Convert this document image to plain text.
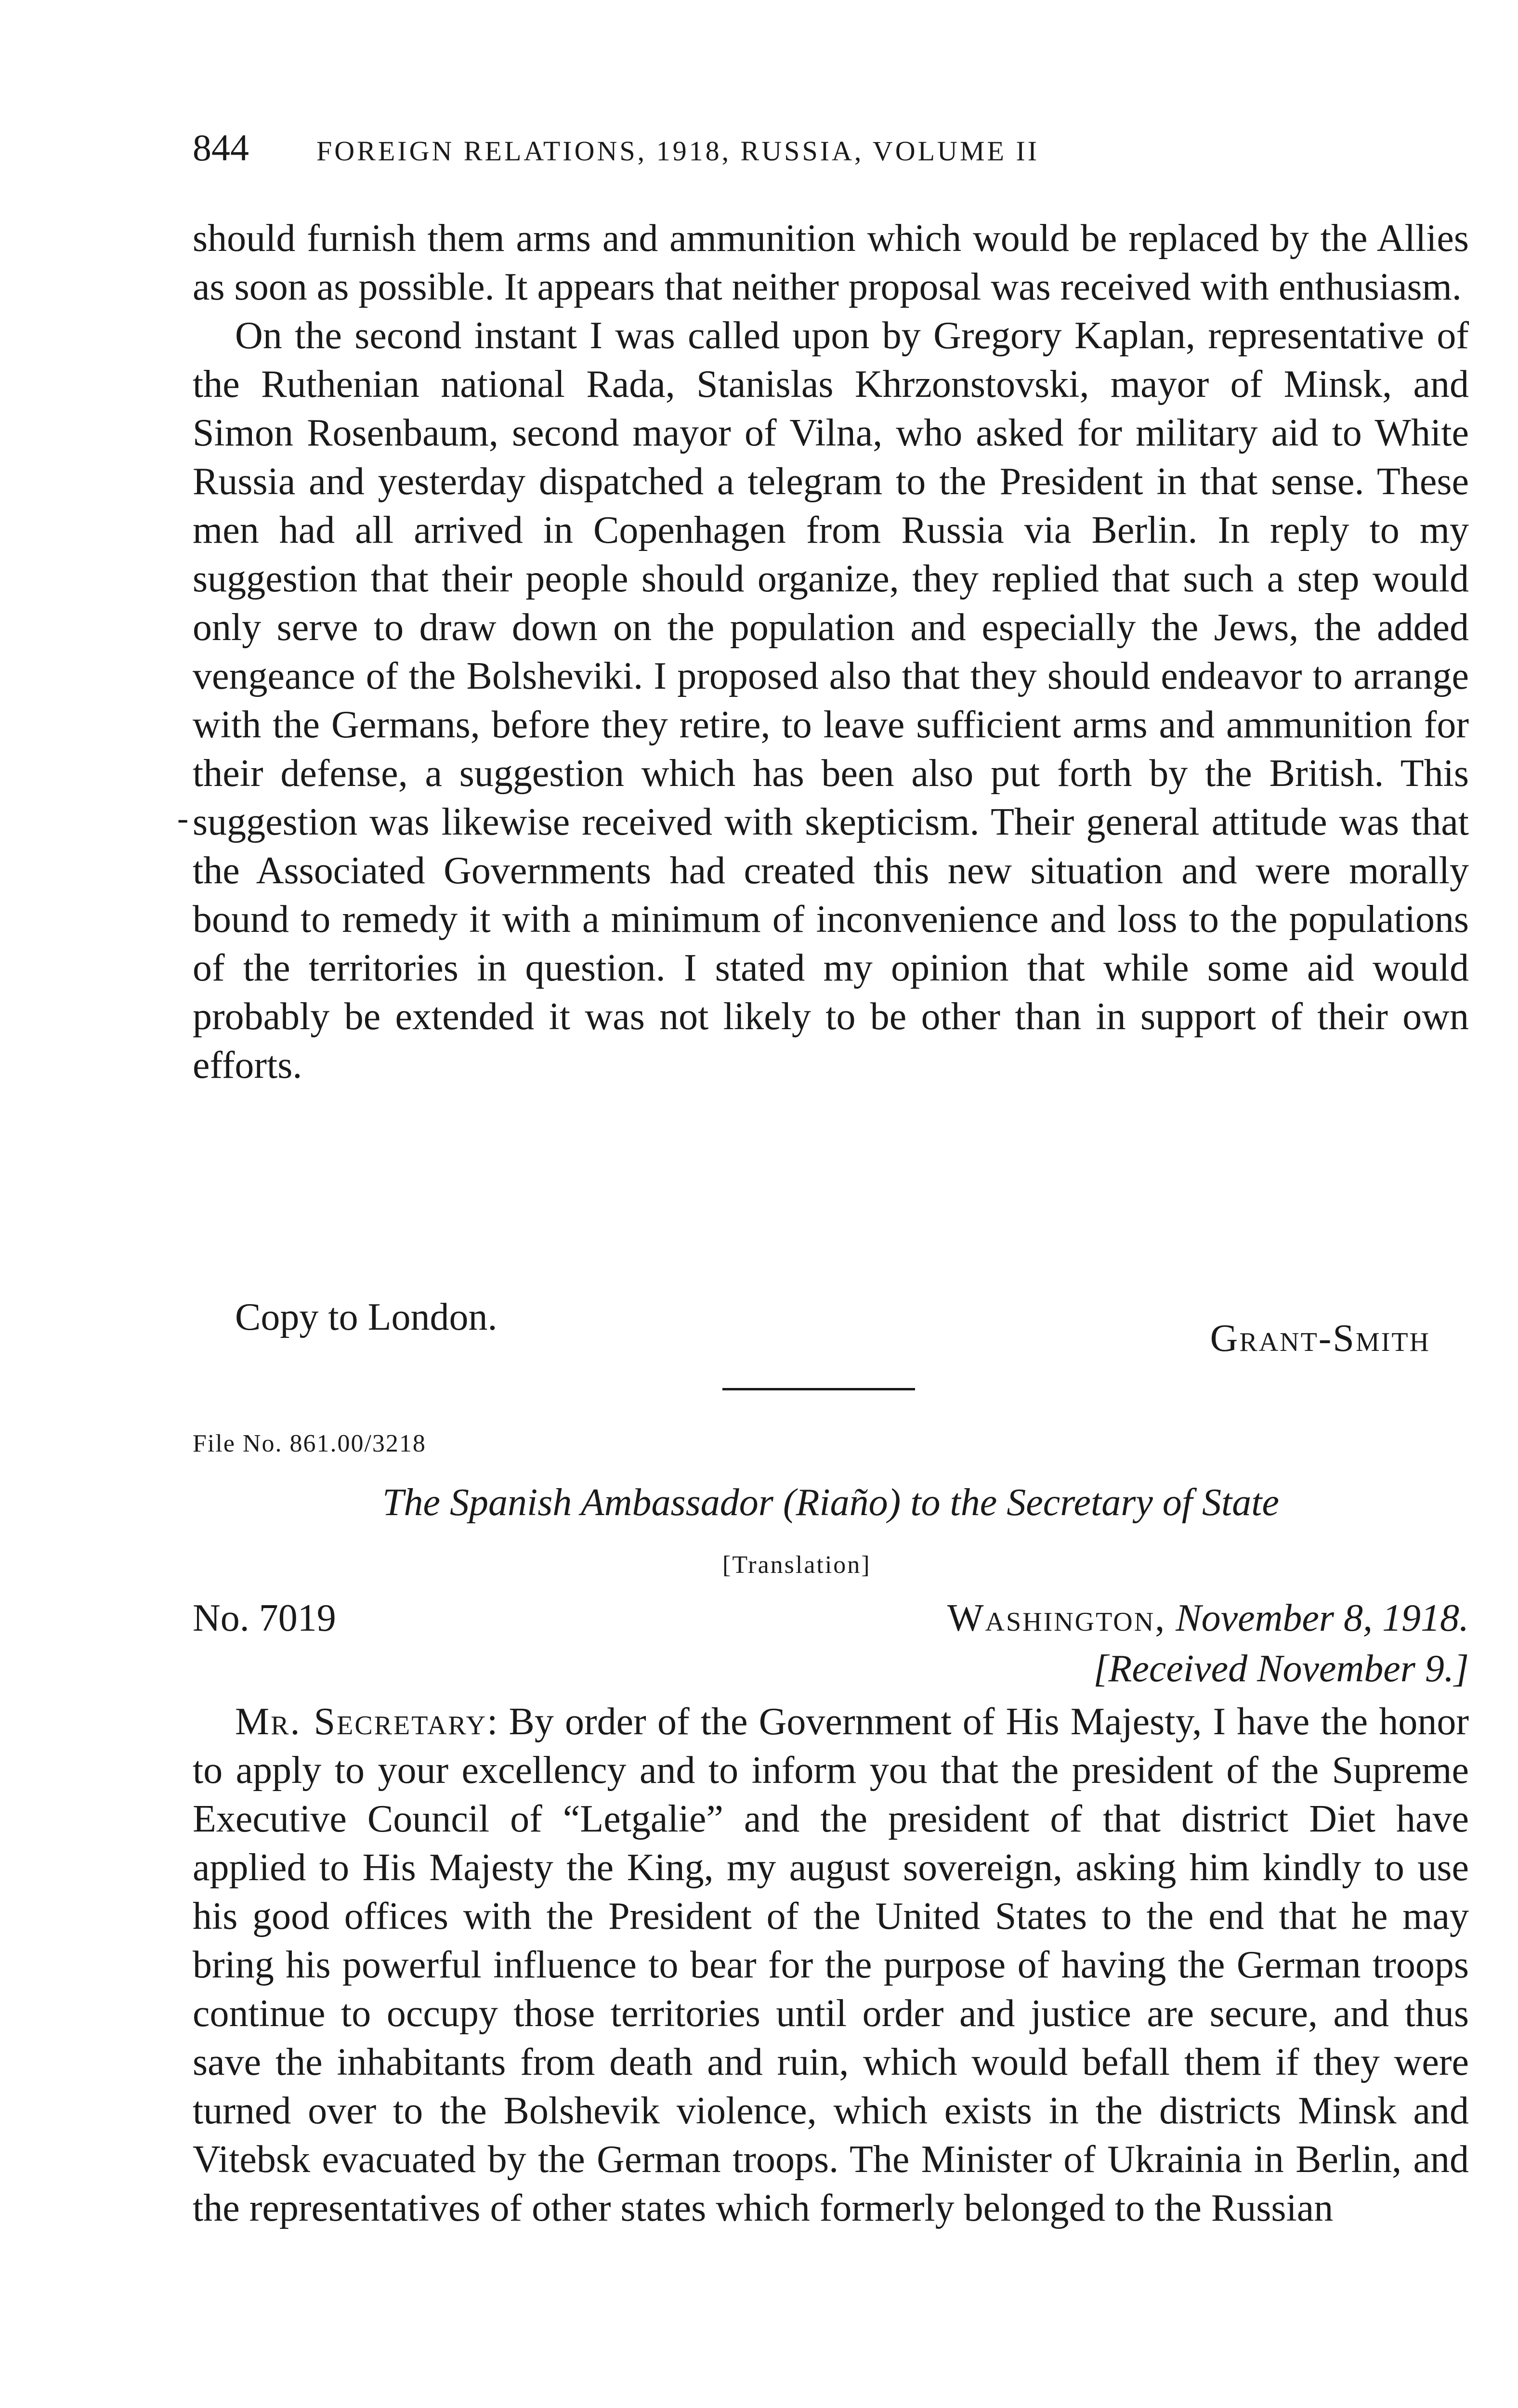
844 FOREIGN RELATIONS, 1918, RUSSIA, VOLUME II
-

should furnish them arms and ammunition which would be replaced by the Allies as soon as possible. It appears that neither proposal was received with enthusiasm.

On the second instant I was called upon by Gregory Kaplan, representative of the Ruthenian national Rada, Stanislas Khrzonstovski, mayor of Minsk, and Simon Rosenbaum, second mayor of Vilna, who asked for military aid to White Russia and yesterday dispatched a telegram to the President in that sense. These men had all arrived in Copenhagen from Russia via Berlin. In reply to my suggestion that their people should organize, they replied that such a step would only serve to draw down on the population and especially the Jews, the added vengeance of the Bolsheviki. I proposed also that they should endeavor to arrange with the Germans, before they retire, to leave sufficient arms and ammunition for their defense, a suggestion which has been also put forth by the British. This suggestion was likewise received with skepticism. Their general attitude was that the Associated Governments had created this new situation and were morally bound to remedy it with a minimum of inconvenience and loss to the populations of the territories in question. I stated my opinion that while some aid would probably be extended it was not likely to be other than in support of their own efforts.

Copy to London.	Grant-Smith
File No. 861.00/3218
The Spanish Ambassador (Riaño) to the Secretary of State
[Translation]
No. 7019	Washington, November 8, 1918.
[Received November 9.]

Mr. Secretary: By order of the Government of His Majesty, I have the honor to apply to your excellency and to inform you that the president of the Supreme Executive Council of “Letgalie” and the president of that district Diet have applied to His Majesty the King, my august sovereign, asking him kindly to use his good offices with the President of the United States to the end that he may bring his powerful influence to bear for the purpose of having the German troops continue to occupy those territories until order and justice are secure, and thus save the inhabitants from death and ruin, which would befall them if they were turned over to the Bolshevik violence, which exists in the districts Minsk and Vitebsk evacuated by the German troops. The Minister of Ukrainia in Berlin, and the representatives of other states which formerly belonged to the Russian
